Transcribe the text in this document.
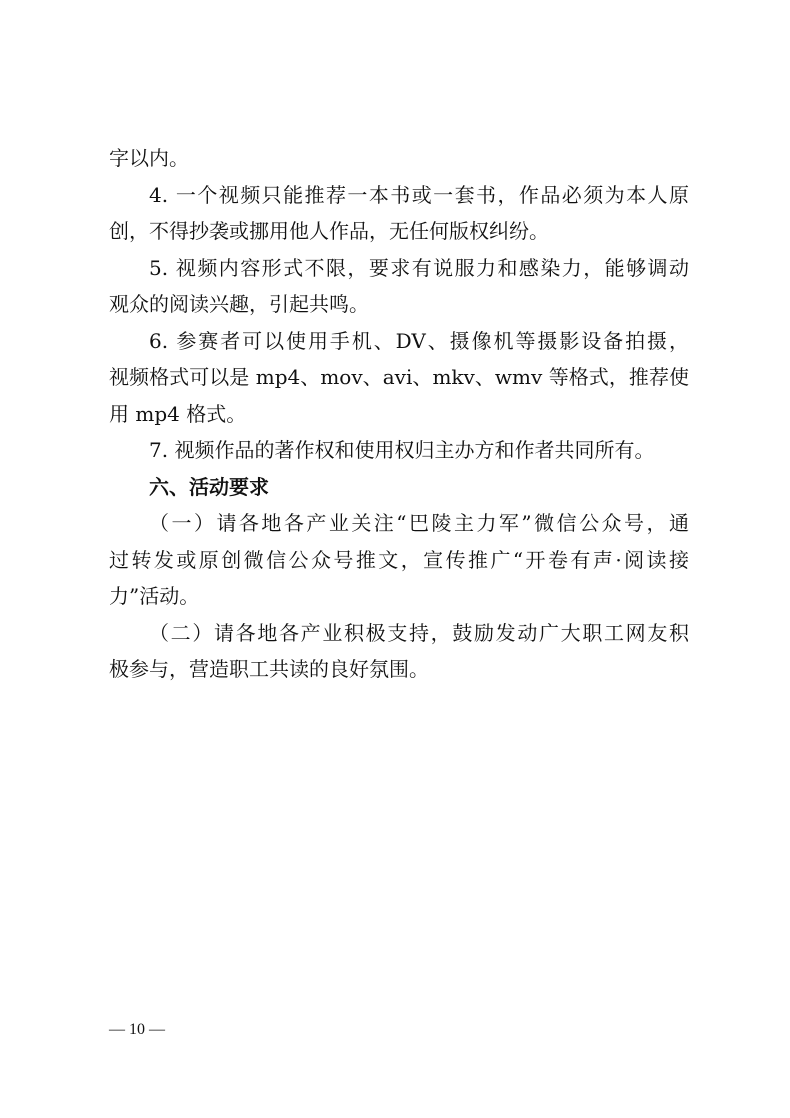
字以内。
4. 一个视频只能推荐一本书或一套书，作品必须为本人原
创，不得抄袭或挪用他人作品，无任何版权纠纷。
5. 视频内容形式不限，要求有说服力和感染力，能够调动
观众的阅读兴趣，引起共鸣。
6. 参赛者可以使用手机、DV、摄像机等摄影设备拍摄，
视频格式可以是 mp4、mov、avi、mkv、wmv 等格式，推荐使
用 mp4 格式。
7. 视频作品的著作权和使用权归主办方和作者共同所有。
六、活动要求
（一）请各地各产业关注“巴陵主力军”微信公众号，通
过转发或原创微信公众号推文，宣传推广“开卷有声·阅读接
力”活动。
（二）请各地各产业积极支持，鼓励发动广大职工网友积
极参与，营造职工共读的良好氛围。
— 10 —
